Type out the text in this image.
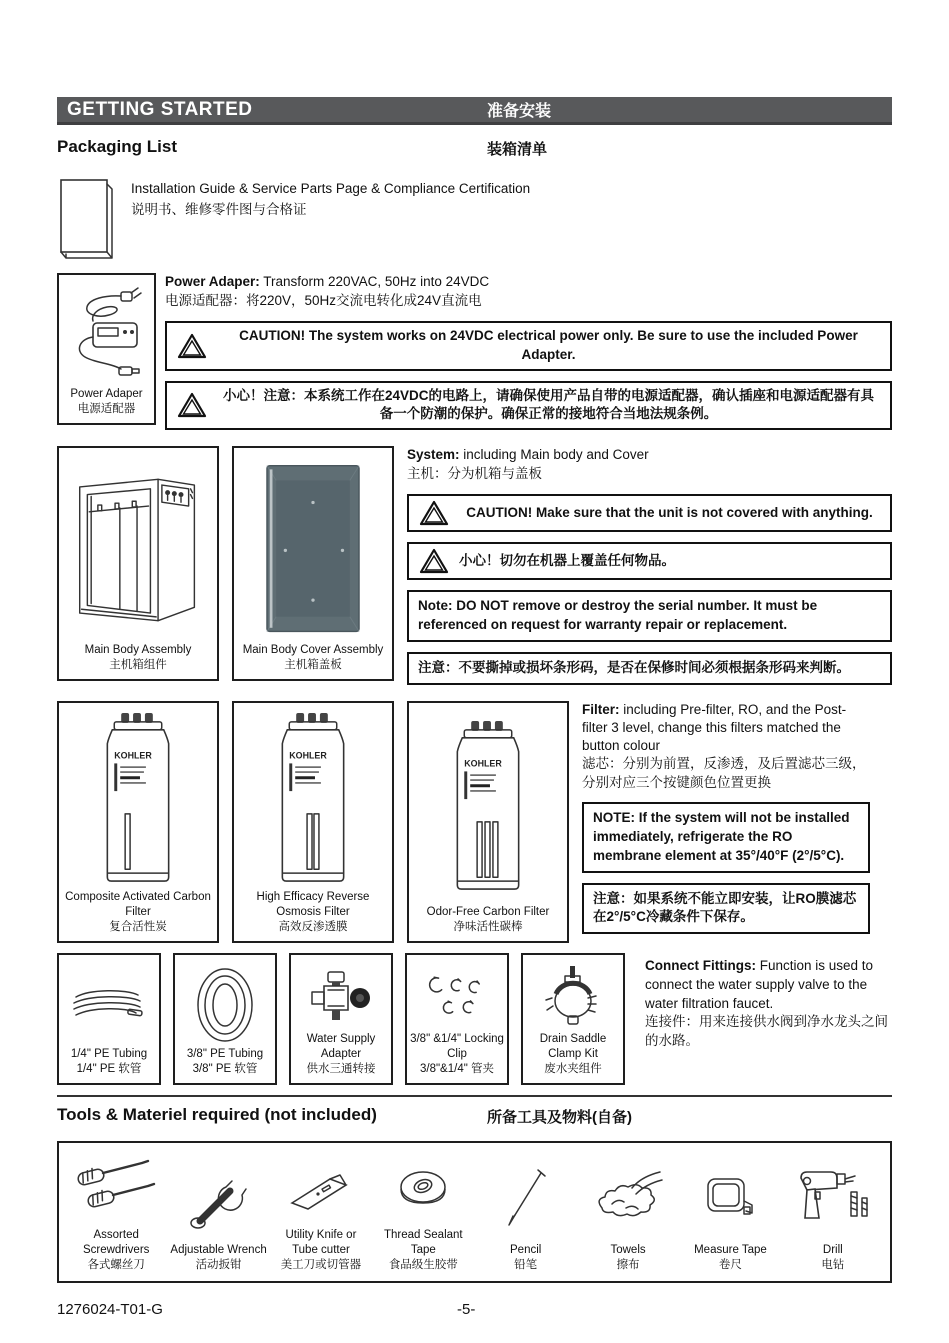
GETTING STARTED	准备安装
Packaging List	装箱清单
Installation Guide & Service Parts Page & Compliance Certification
说明书、维修零件图与合格证
Power Adaper
电源适配器

Power Adaper: Transform 220VAC, 50Hz into 24VDC

电源适配器：将220V，50Hz交流电转化成24V直流电

CAUTION! The system works on 24VDC electrical power only. Be sure to use the included Power Adapter.
小心！注意：本系统工作在24VDC的电路上，请确保使用产品自带的电源适配器，确认插座和电源适配器有具备一个防潮的保护。确保正常的接地符合当地法规条例。
Main Body Assembly
主机箱组件
Main Body Cover Assembly
主机箱盖板

System: including Main body and Cover

主机：分为机箱与盖板

CAUTION! Make sure that the unit is not covered with anything.
小心！切勿在机器上覆盖任何物品。
Note: DO NOT remove or destroy the serial number. It must be referenced on request for warranty repair or replacement.
注意：不要撕掉或损坏条形码，是否在保修时间必须根据条形码来判断。
KOHLER
Composite Activated Carbon Filter
复合活性炭
KOHLER
High Efficacy Reverse Osmosis Filter
高效反渗透膜
KOHLER
Odor-Free Carbon Filter
净味活性碳棒

Filter: including Pre-filter, RO, and the Post-filter 3 level, change this filters matched the button colour

滤芯：分别为前置，反渗透，及后置滤芯三级，分别对应三个按键颜色位置更换

NOTE: If the system will not be installed immediately, refrigerate the RO membrane element at 35°/40°F (2°/5°C).
注意：如果系统不能立即安装，让RO膜滤芯在2°/5°C冷藏条件下保存。
1/4" PE Tubing
1/4" PE 软管
3/8" PE Tubing
3/8" PE 软管
Water Supply Adapter
供水三通转接
3/8" &1/4" Locking Clip
3/8"&1/4" 管夹
Drain Saddle Clamp Kit
废水夹组件

Connect Fittings: Function is used to connect the water supply valve to the water filtration faucet.

连接件：用来连接供水阀到净水龙头之间的水路。

Tools & Materiel required (not included)	所备工具及物料(自备)
Assorted Screwdrivers
各式螺丝刀
Adjustable Wrench
活动扳钳
Utility Knife or Tube cutter
美工刀或切管器
Thread Sealant Tape
食品级生胶带
Pencil
铅笔
Towels
擦布
Measure Tape
卷尺
Drill
电钻
1276024-T01-G	-5-
